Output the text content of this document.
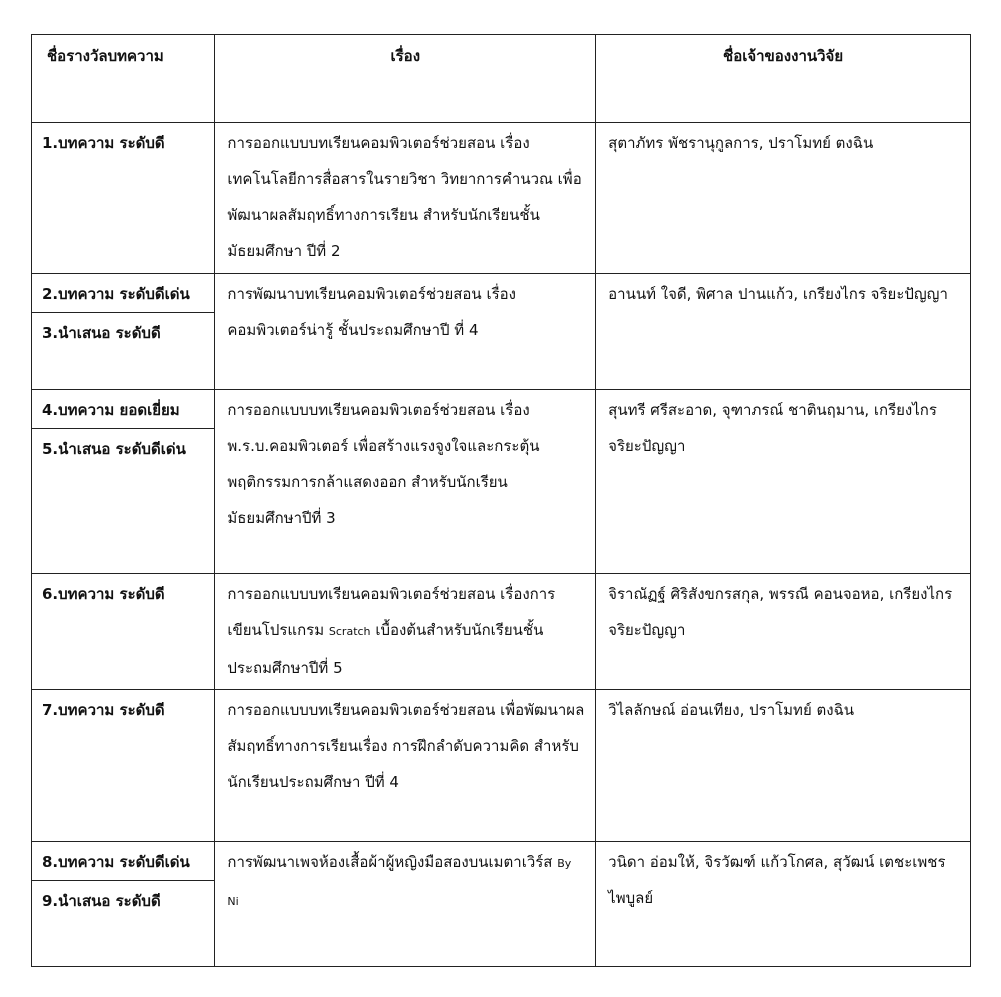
ชื่อรางวัลบทความ	เรื่อง	ชื่อเจ้าของงานวิจัย

1.บทความ ระดับดี	การออกแบบบทเรียนคอมพิวเตอร์ช่วยสอน เรื่องเทคโนโลยีการสื่อสารในรายวิชา วิทยาการคำนวณ เพื่อพัฒนาผลสัมฤทธิ์ทางการเรียน สำหรับนักเรียนชั้นมัธยมศึกษา ปีที่ 2	สุตาภัทร พัชรานุกูลการ, ปราโมทย์ ตงฉิน

2.บทความ ระดับดีเด่น
3.นำเสนอ ระดับดี	การพัฒนาบทเรียนคอมพิวเตอร์ช่วยสอน เรื่องคอมพิวเตอร์น่ารู้ ชั้นประถมศึกษาปี ที่ 4	อานนท์ ใจดี, พิศาล ปานแก้ว, เกรียงไกร จริยะปัญญา

4.บทความ ยอดเยี่ยม
5.นำเสนอ ระดับดีเด่น	การออกแบบบทเรียนคอมพิวเตอร์ช่วยสอน เรื่อง พ.ร.บ.คอมพิวเตอร์ เพื่อสร้างแรงจูงใจและกระตุ้นพฤติกรรมการกล้าแสดงออก สำหรับนักเรียน มัธยมศึกษาปีที่ 3	สุนทรี ศรีสะอาด, จุฑาภรณ์ ชาตินฤมาน, เกรียงไกร จริยะปัญญา

6.บทความ ระดับดี	การออกแบบบทเรียนคอมพิวเตอร์ช่วยสอน เรื่องการเขียนโปรแกรม Scratch เบื้องต้นสำหรับนักเรียนชั้นประถมศึกษาปีที่ 5	จิราณัฏฐ์ ศิริสังขกรสกุล, พรรณี คอนจอหอ, เกรียงไกร จริยะปัญญา

7.บทความ ระดับดี	การออกแบบบทเรียนคอมพิวเตอร์ช่วยสอน เพื่อพัฒนาผลสัมฤทธิ์ทางการเรียนเรื่อง การฝึกลำดับความคิด สำหรับนักเรียนประถมศึกษา ปีที่ 4	วิไลลักษณ์ อ่อนเทียง, ปราโมทย์ ตงฉิน

8.บทความ ระดับดีเด่น
9.นำเสนอ ระดับดี	การพัฒนาเพจห้องเสื้อผ้าผู้หญิงมือสองบนเมตาเวิร์ส By Ni	วนิดา อ่อมให้, จิรวัฒฑ์ แก้วโกศล, สุวัฒน์ เตชะเพชรไพบูลย์
